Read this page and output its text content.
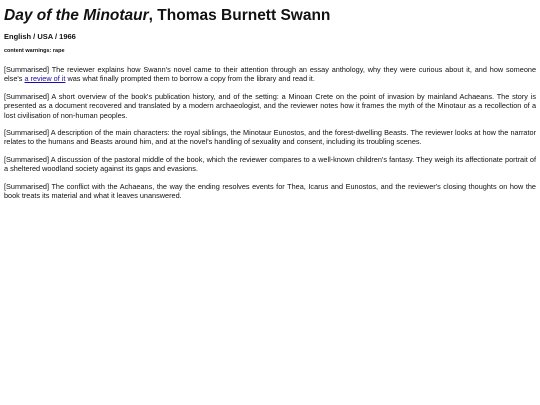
Day of the Minotaur, Thomas Burnett Swann
English / USA / 1966
content warnings: rape

[Summarised] The reviewer explains how Swann's novel came to their attention through an essay anthology, why they were curious about it, and how someone else's a review of it was what finally prompted them to borrow a copy from the library and read it.

[Summarised] A short overview of the book's publication history, and of the setting: a Minoan Crete on the point of invasion by mainland Achaeans. The story is presented as a document recovered and translated by a modern archaeologist, and the reviewer notes how it frames the myth of the Minotaur as a recollection of a lost civilisation of non-human peoples.

[Summarised] A description of the main characters: the royal siblings, the Minotaur Eunostos, and the forest-dwelling Beasts. The reviewer looks at how the narrator relates to the humans and Beasts around him, and at the novel's handling of sexuality and consent, including its troubling scenes.

[Summarised] A discussion of the pastoral middle of the book, which the reviewer compares to a well-known children's fantasy. They weigh its affectionate portrait of a sheltered woodland society against its gaps and evasions.

[Summarised] The conflict with the Achaeans, the way the ending resolves events for Thea, Icarus and Eunostos, and the reviewer's closing thoughts on how the book treats its material and what it leaves unanswered.
